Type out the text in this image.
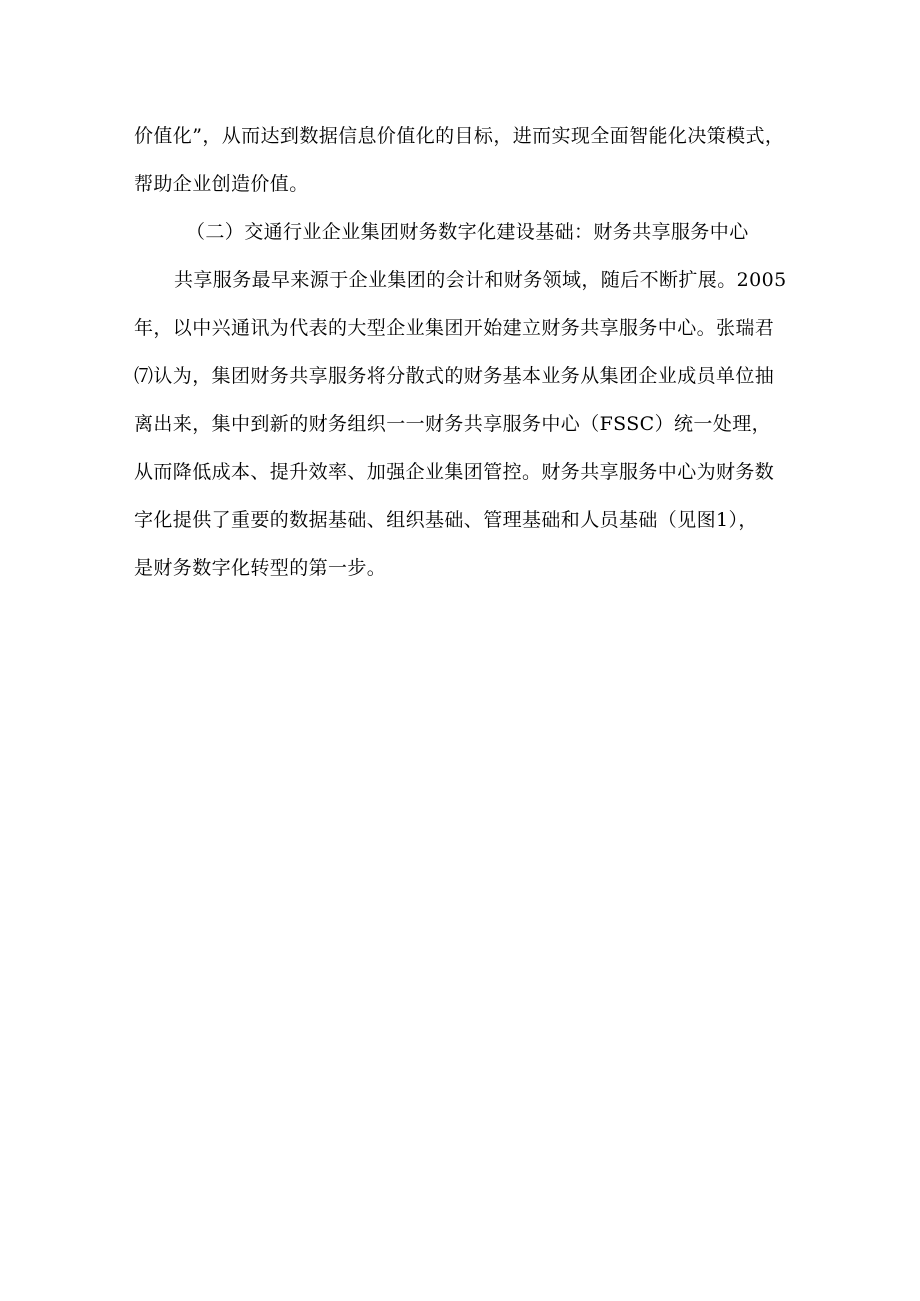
价值化”，从而达到数据信息价值化的目标，进而实现全面智能化决策模式，
帮助企业创造价值。
（二）交通行业企业集团财务数字化建设基础：财务共享服务中心
共享服务最早来源于企业集团的会计和财务领域，随后不断扩展。2005
年，以中兴通讯为代表的大型企业集团开始建立财务共享服务中心。张瑞君
⑺认为，集团财务共享服务将分散式的财务基本业务从集团企业成员单位抽
离出来，集中到新的财务组织一一财务共享服务中心（FSSC）统一处理，
从而降低成本、提升效率、加强企业集团管控。财务共享服务中心为财务数
字化提供了重要的数据基础、组织基础、管理基础和人员基础（见图1），
是财务数字化转型的第一步。
